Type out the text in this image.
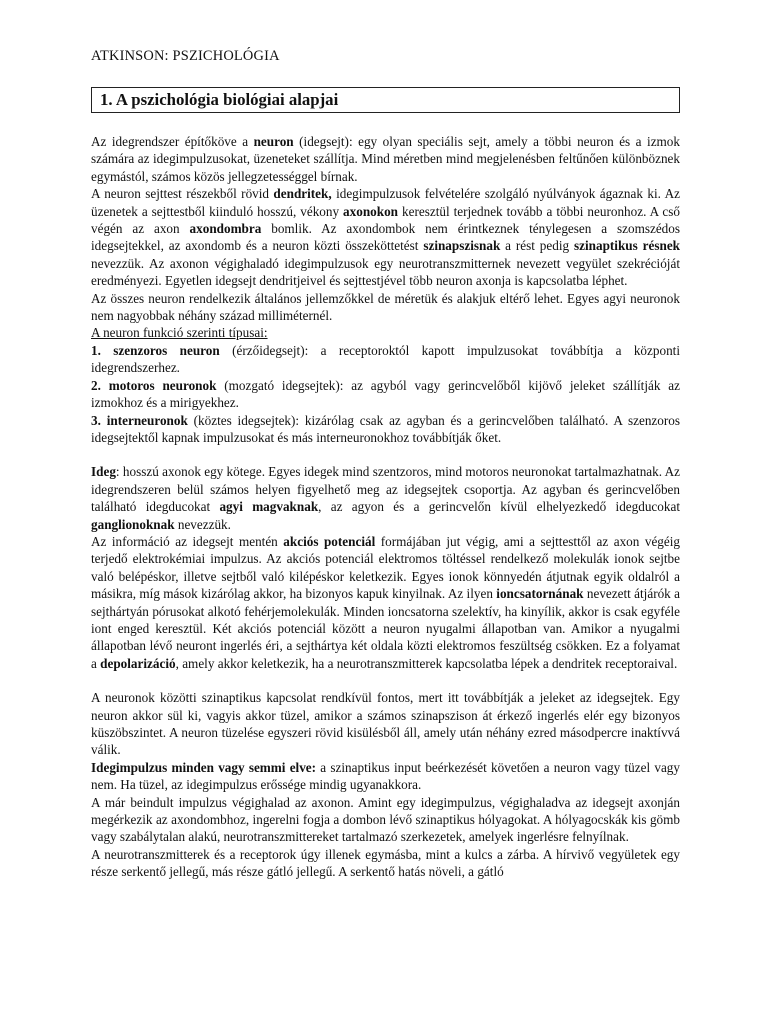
ATKINSON: PSZICHOLÓGIA
1. A pszichológia biológiai alapjai

Az idegrendszer építőköve a neuron (idegsejt): egy olyan speciális sejt, amely a többi neuron és a izmok számára az idegimpulzusokat, üzeneteket szállítja. Mind méretben mind megjelenésben feltűnően különböznek egymástól, számos közös jellegzetességgel bírnak.

A neuron sejttest részekből rövid dendritek, idegimpulzusok felvételére szolgáló nyúlványok ágaznak ki. Az üzenetek a sejttestből kiinduló hosszú, vékony axonokon keresztül terjednek tovább a többi neuronhoz. A cső végén az axon axondombra bomlik. Az axondombok nem érintkeznek ténylegesen a szomszédos idegsejtekkel, az axondomb és a neuron közti összeköttetést szinapszisnak a rést pedig szinaptikus résnek nevezzük. Az axonon végighaladó idegimpulzusok egy neurotranszmitternek nevezett vegyület szekrécióját eredményezi. Egyetlen idegsejt dendritjeivel és sejttestjével több neuron axonja is kapcsolatba léphet.

Az összes neuron rendelkezik általános jellemzőkkel de méretük és alakjuk eltérő lehet. Egyes agyi neuronok nem nagyobbak néhány század milliméternél.

A neuron funkció szerinti típusai:

1. szenzoros neuron (érzőidegsejt): a receptoroktól kapott impulzusokat továbbítja a központi idegrendszerhez.

2. motoros neuronok (mozgató idegsejtek): az agyból vagy gerincvelőből kijövő jeleket szállítják az izmokhoz és a mirigyekhez.

3. interneuronok (köztes idegsejtek): kizárólag csak az agyban és a gerincvelőben található. A szenzoros idegsejtektől kapnak impulzusokat és más interneuronokhoz továbbítják őket.

Ideg: hosszú axonok egy kötege. Egyes idegek mind szentzoros, mind motoros neuronokat tartalmazhatnak. Az idegrendszeren belül számos helyen figyelhető meg az idegsejtek csoportja. Az agyban és gerincvelőben található idegducokat agyi magvaknak, az agyon és a gerincvelőn kívül elhelyezkedő idegducokat ganglionoknak nevezzük.

Az információ az idegsejt mentén akciós potenciál formájában jut végig, ami a sejttesttől az axon végéig terjedő elektrokémiai impulzus. Az akciós potenciál elektromos töltéssel rendelkező molekulák ionok sejtbe való belépéskor, illetve sejtből való kilépéskor keletkezik. Egyes ionok könnyedén átjutnak egyik oldalról a másikra, míg mások kizárólag akkor, ha bizonyos kapuk kinyilnak. Az ilyen ioncsatornának nevezett átjárók a sejthártyán pórusokat alkotó fehérjemolekulák. Minden ioncsatorna szelektív, ha kinyílik, akkor is csak egyféle iont enged keresztül. Két akciós potenciál között a neuron nyugalmi állapotban van. Amikor a nyugalmi állapotban lévő neuront ingerlés éri, a sejthártya két oldala közti elektromos feszültség csökken. Ez a folyamat a depolarizáció, amely akkor keletkezik, ha a neurotranszmitterek kapcsolatba lépek a dendritek receptoraival.

A neuronok közötti szinaptikus kapcsolat rendkívül fontos, mert itt továbbítják a jeleket az idegsejtek. Egy neuron akkor sül ki, vagyis akkor tüzel, amikor a számos szinapszison át érkező ingerlés elér egy bizonyos küszöbszintet. A neuron tüzelése egyszeri rövid kisülésből áll, amely után néhány ezred másodpercre inaktívvá válik.

Idegimpulzus minden vagy semmi elve: a szinaptikus input beérkezését követően a neuron vagy tüzel vagy nem. Ha tüzel, az idegimpulzus erőssége mindig ugyanakkora.

A már beindult impulzus végighalad az axonon. Amint egy idegimpulzus, végighaladva az idegsejt axonján megérkezik az axondombhoz, ingerelni fogja a dombon lévő szinaptikus hólyagokat. A hólyagocskák kis gömb vagy szabálytalan alakú, neurotranszmittereket tartalmazó szerkezetek, amelyek ingerlésre felnyílnak.

A neurotranszmitterek és a receptorok úgy illenek egymásba, mint a kulcs a zárba. A hírvivő vegyületek egy része serkentő jellegű, más része gátló jellegű. A serkentő hatás növeli, a gátló
